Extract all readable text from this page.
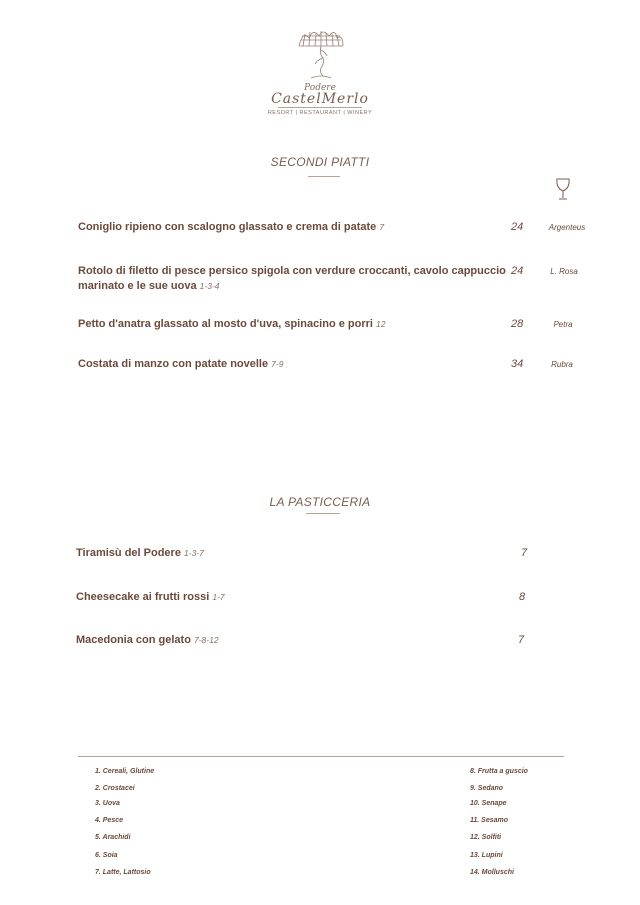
Podere
CastelMerlo
RESORT | RESTAURANT | WINERY
SECONDI PIATTI
Coniglio ripieno con scalogno glassato e crema di patate 7	24	Argenteus
Rotolo di filetto di pesce persico spigola con verdure croccanti, cavolo cappuccio
marinato e le sue uova 1-3-4
24	L. Rosa
Petto d'anatra glassato al mosto d'uva, spinacino e porri 12	28	Petra
Costata di manzo con patate novelle 7-9	34	Rubra
LA PASTICCERIA
Tiramisù del Podere 1-3-7	7
Cheesecake ai frutti rossi 1-7	8
Macedonia con gelato 7-8-12	7
1. Cereali, Glutine
2. Crostacei
3. Uova
4. Pesce
5. Arachidi
6. Soia
7. Latte, Lattosio
8. Frutta a guscio
9. Sedano
10. Senape
11. Sesamo
12. Solfiti
13. Lupini
14. Molluschi
